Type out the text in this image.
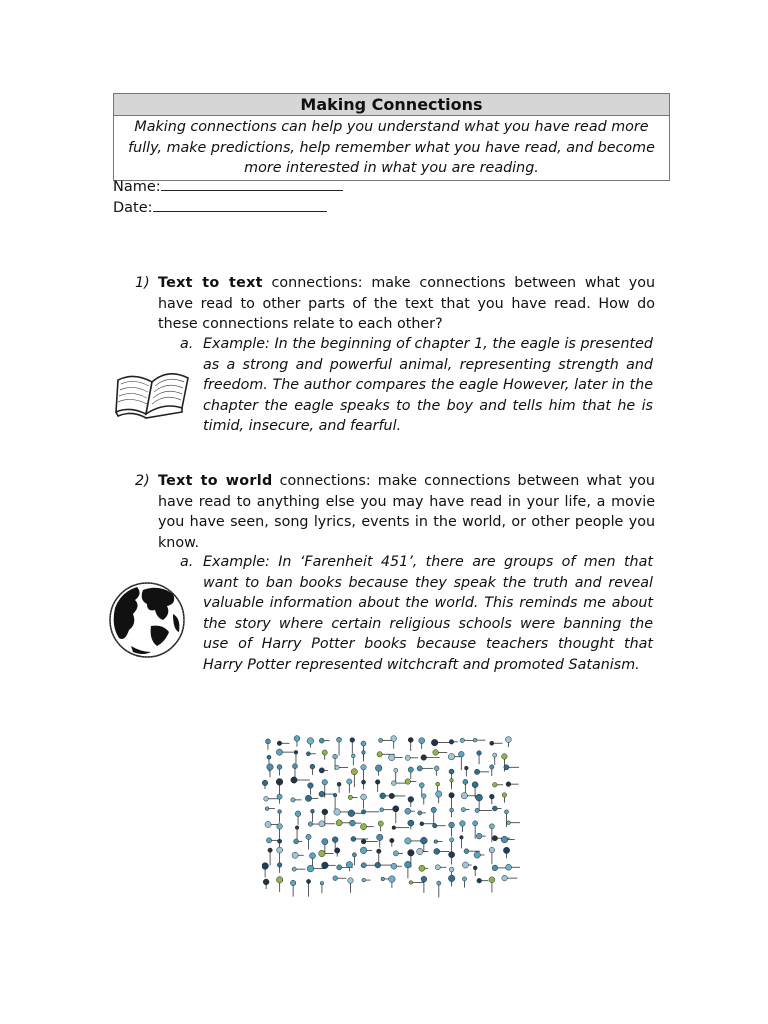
Making Connections
Making connections can help you understand what you have read more fully, make predictions, help remember what you have read, and become more interested in what you are reading.
Name:
Date:
1) Text to text connections: make connections between what you have read to other parts of the text that you have read. How do these connections relate to each other?
a. Example: In the beginning of chapter 1, the eagle is presented as a strong and powerful animal, representing strength and freedom. The author compares the eagle However, later in the chapter the eagle speaks to the boy and tells him that he is timid, insecure, and fearful.
2) Text to world connections: make connections between what you have read to anything else you may have read in your life, a movie you have seen, song lyrics, events in the world, or other people you know.
a. Example: In ‘Farenheit 451’, there are groups of men that want to ban books because they speak the truth and reveal valuable information about the world. This reminds me about the story where certain religious schools were banning the use of Harry Potter books because teachers thought that Harry Potter represented witchcraft and promoted Satanism.
